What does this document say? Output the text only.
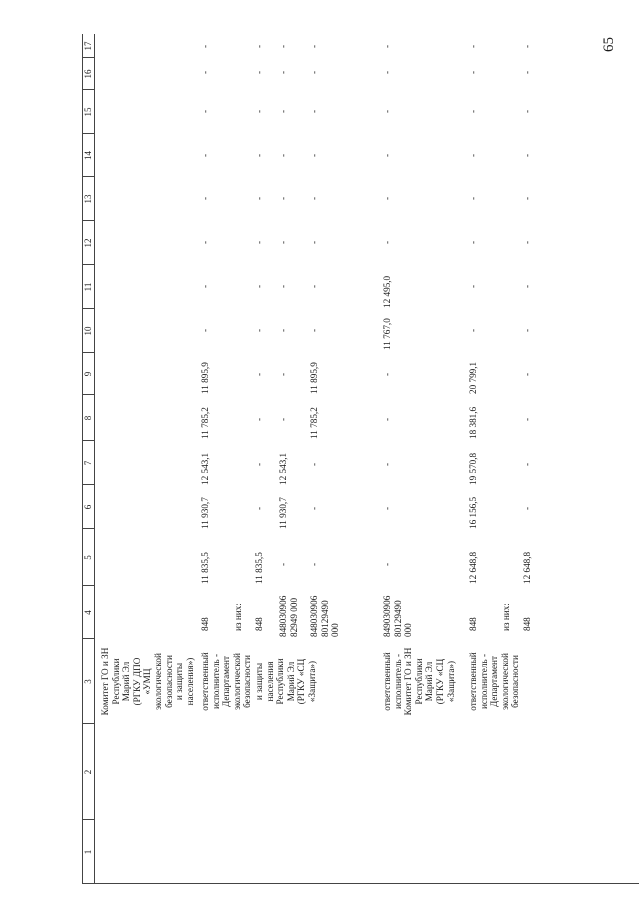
65
1
2
3
4
5
6
7
8
9
10
11
12
13
14
15
16
17
Комитет ГО и ЗН
Республики
Марий Эл
(РГКУ ДПО
«УМЦ
экологической
безопасности
и защиты
населения») ответственный
исполнитель -
Департамент
экологической
безопасности
848
11 835,5
11 930,7
12 543,1
11 785,2
11 895,9
-
-
-
-
-
-
-
-
из них: 848
11 835,5
-
-
-
-
-
-
-
-
-
-
-
-
и защиты
населения
Республики
Марий Эл
(РГКУ «СЦ
«Защита»)
848030906
82949 000
-
11 930,7
12 543,1
-
-
-
-
-
-
-
-
-
-
848030906
80129490
000
-
-
-
11 785,2
11 895,9
-
-
-
-
-
-
-
-
ответственный
исполнитель -
Комитет ГО и ЗН
Республики
Марий Эл
(РГКУ «СЦ
«Защита»)
849030906
80129490
000
-
-
-
-
-
11 767,0
12 495,0
-
-
-
-
-
-
ответственный
исполнитель -
Департамент
экологической
безопасности
848
12 648,8
16 156,5
19 570,8
18 381,6
20 799,1
-
-
-
-
-
-
-
-
из них: 848
12 648,8
-
-
-
-
-
-
-
-
-
-
-
-
